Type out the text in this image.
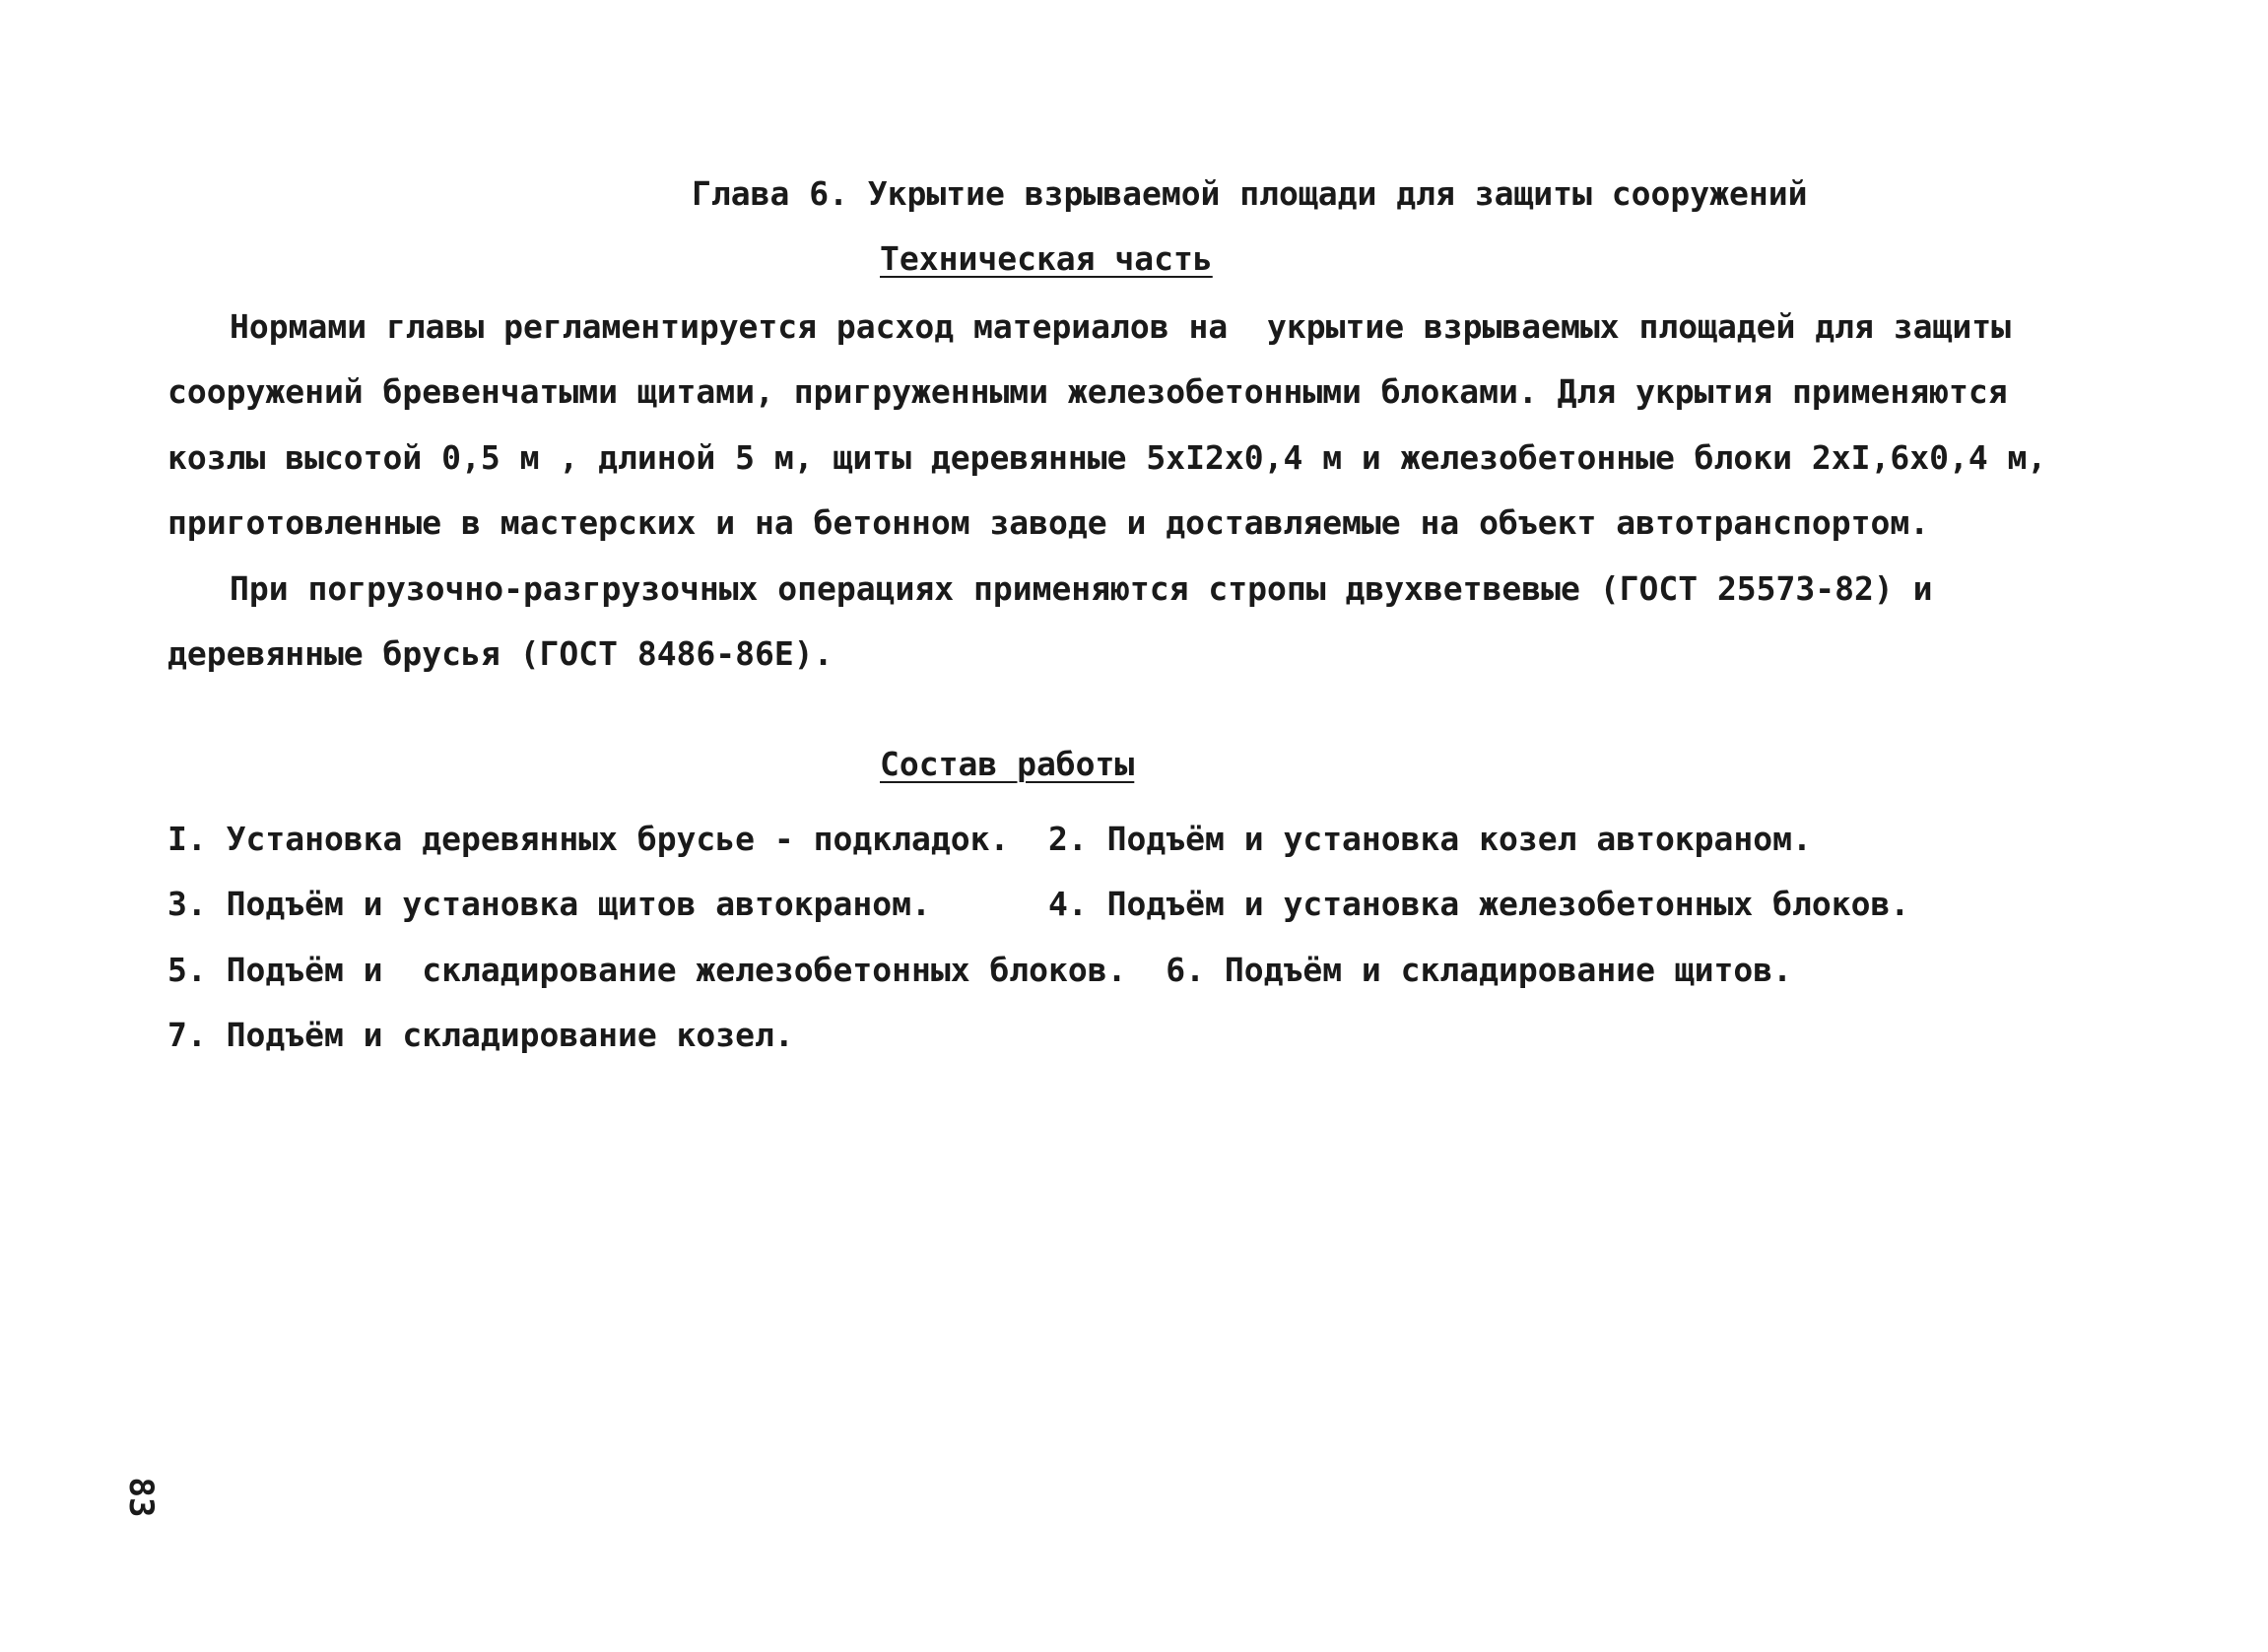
Глава 6. Укрытие взрываемой площади для защиты сооружений
Техническая часть
Нормами главы регламентируется расход материалов на  укрытие взрываемых площадей для защиты
сооружений бревенчатыми щитами, пригруженными железобетонными блоками. Для укрытия применяются
козлы высотой 0,5 м , длиной 5 м, щиты деревянные 5хI2х0,4 м и железобетонные блоки 2хI,6х0,4 м,
приготовленные в мастерских и на бетонном заводе и доставляемые на объект автотранспортом.
При погрузочно-разгрузочных операциях применяются стропы двухветвевые (ГОСТ 25573-82) и
деревянные брусья (ГОСТ 8486-86Е).
Состав работы
I. Установка деревянных брусье - подкладок.  2. Подъём и установка козел автокраном.
3. Подъём и установка щитов автокраном.      4. Подъём и установка железобетонных блоков.
5. Подъём и  складирование железобетонных блоков.  6. Подъём и складирование щитов.
7. Подъём и складирование козел.
83
